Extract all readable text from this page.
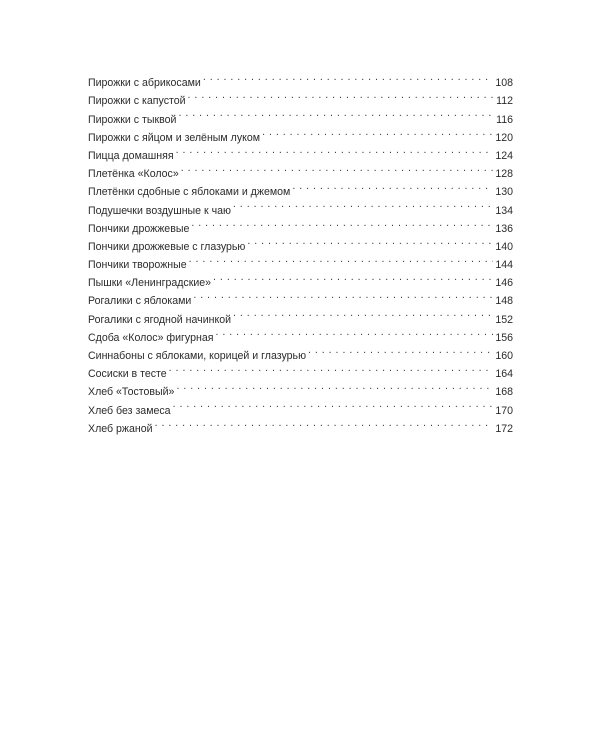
Пирожки с абрикосами . . .	108
Пирожки с капустой . . .	112
Пирожки с тыквой . . .	116
Пирожки с яйцом и зелёным луком . . .	120
Пицца домашняя . . .	124
Плетёнка «Колос» . . .	128
Плетёнки сдобные с яблоками и джемом . . .	130
Подушечки воздушные к чаю . . .	134
Пончики дрожжевые . . .	136
Пончики дрожжевые с глазурью . . .	140
Пончики творожные . . .	144
Пышки «Ленинградские» . . .	146
Рогалики с яблоками . . .	148
Рогалики с ягодной начинкой . . .	152
Сдоба «Колос» фигурная . . .	156
Синнабоны с яблоками, корицей и глазурью . . .	160
Сосиски в тесте . . .	164
Хлеб «Тостовый» . . .	168
Хлеб без замеса . . .	170
Хлеб ржаной . . .	172
